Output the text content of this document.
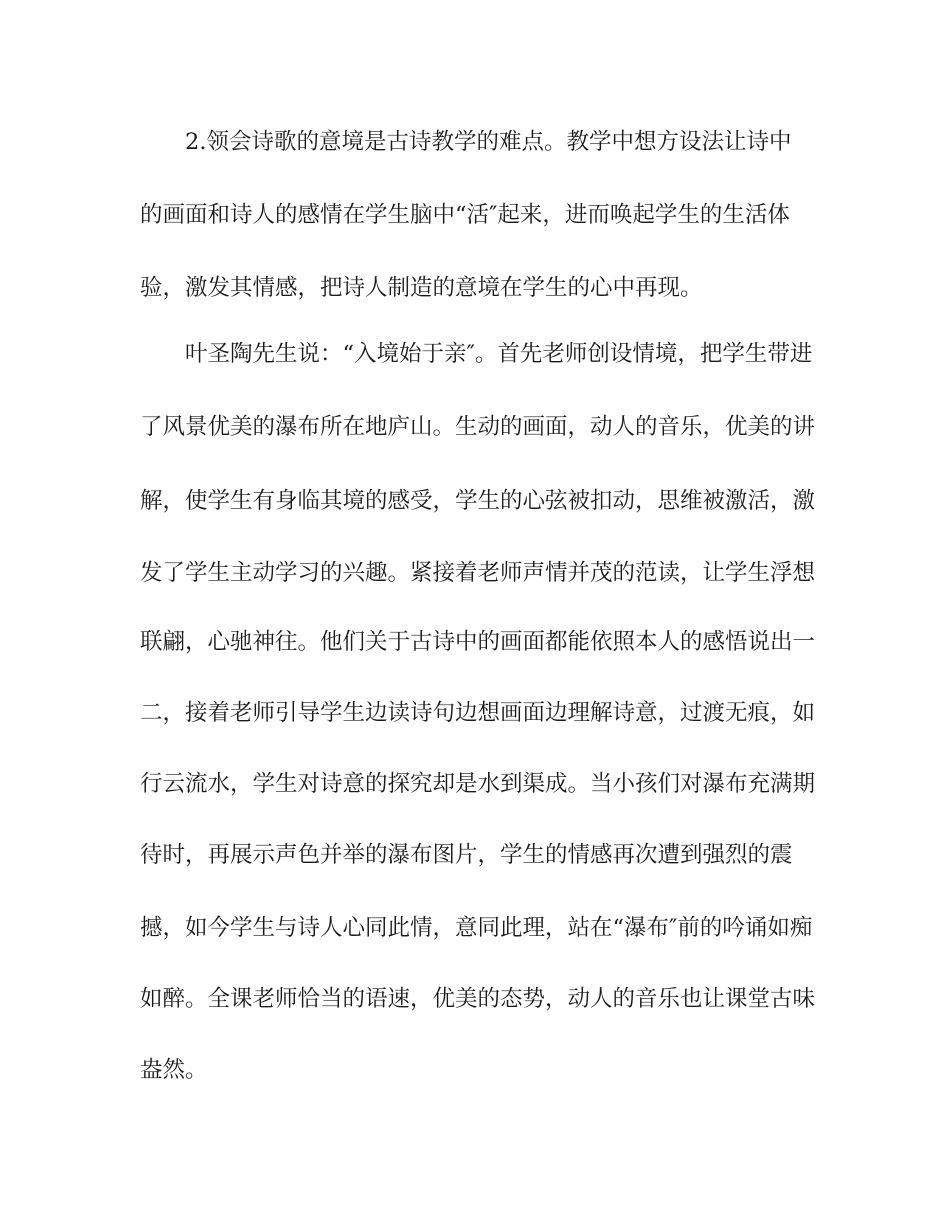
2.领会诗歌的意境是古诗教学的难点。教学中想方设法让诗中
的画面和诗人的感情在学生脑中“活″起来，进而唤起学生的生活体
验，激发其情感，把诗人制造的意境在学生的心中再现。
叶圣陶先生说：“入境始于亲″。首先老师创设情境，把学生带进
了风景优美的瀑布所在地庐山。生动的画面，动人的音乐，优美的讲
解，使学生有身临其境的感受，学生的心弦被扣动，思维被激活，激
发了学生主动学习的兴趣。紧接着老师声情并茂的范读，让学生浮想
联翩，心驰神往。他们关于古诗中的画面都能依照本人的感悟说出一
二，接着老师引导学生边读诗句边想画面边理解诗意，过渡无痕，如
行云流水，学生对诗意的探究却是水到渠成。当小孩们对瀑布充满期
待时，再展示声色并举的瀑布图片，学生的情感再次遭到强烈的震
撼，如今学生与诗人心同此情，意同此理，站在“瀑布″前的吟诵如痴
如醉。全课老师恰当的语速，优美的态势，动人的音乐也让课堂古味
盎然。
